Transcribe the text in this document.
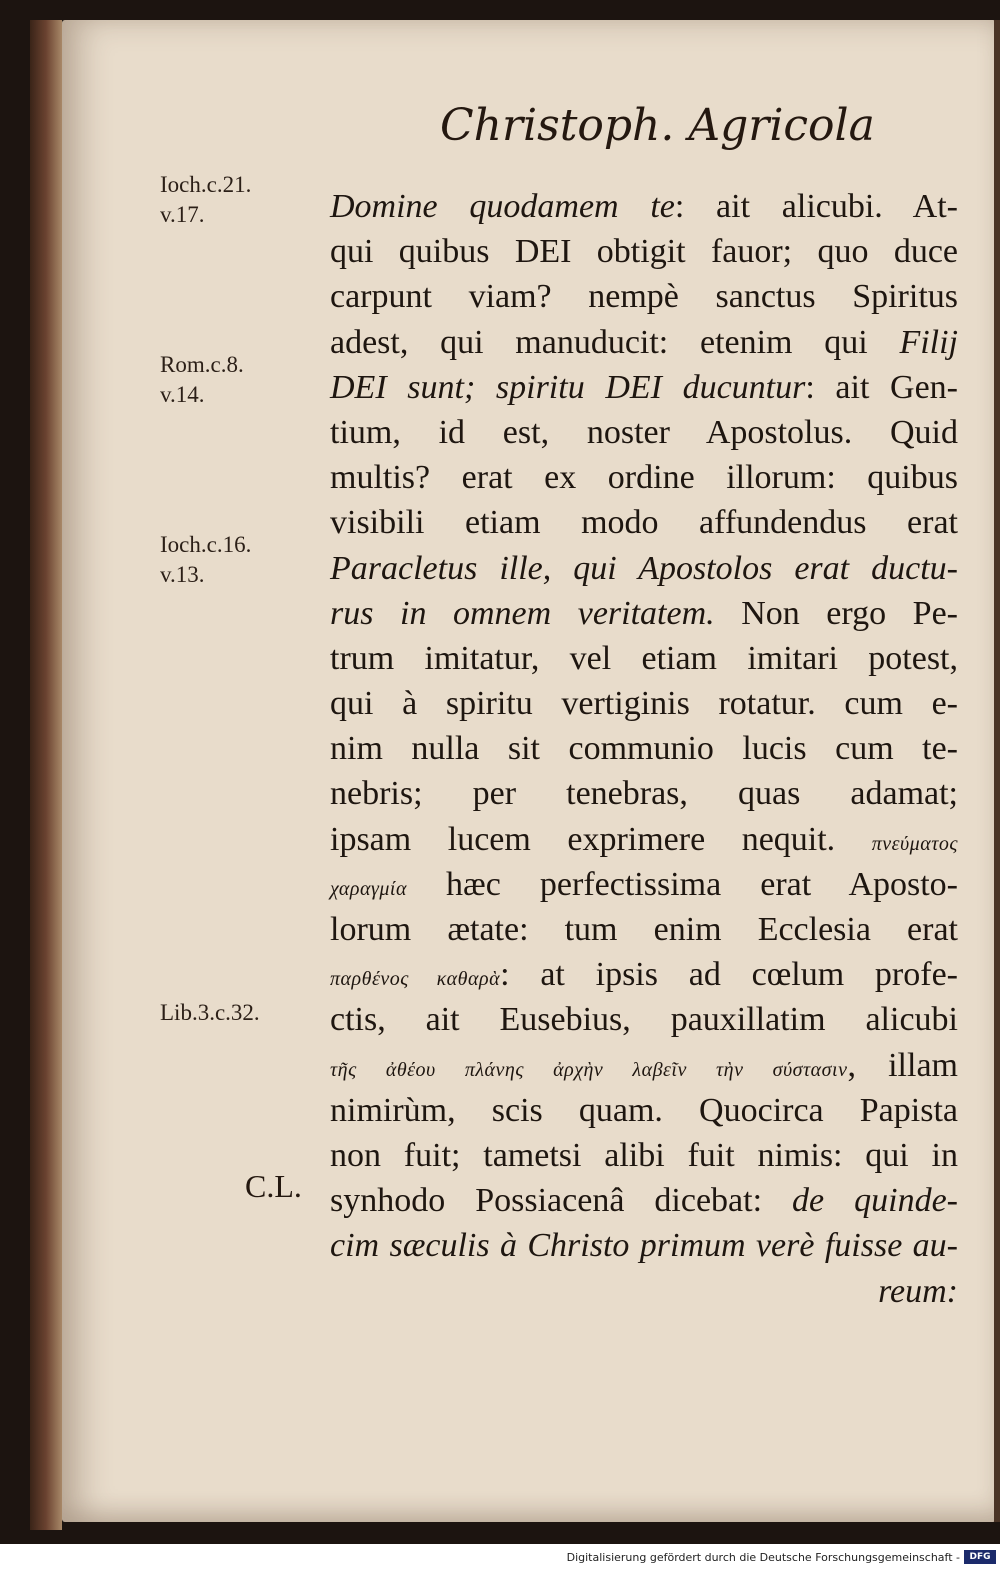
Christoph. Agricola
Ioch.c.21.
v.17.
Rom.c.8.
v.14.
Ioch.c.16.
v.13.
Lib.3.c.32.
C.L.
Domine quodamem te: ait alicubi. At-
qui quibus DEI obtigit fauor; quo duce
carpunt viam? nempè sanctus Spiritus
adest, qui manuducit: etenim qui Filij
DEI sunt; spiritu DEI ducuntur: ait Gen-
tium, id est, noster Apostolus. Quid
multis? erat ex ordine illorum: quibus
visibili etiam modo affundendus erat
Paracletus ille, qui Apostolos erat ductu-
rus in omnem veritatem. Non ergo Pe-
trum imitatur, vel etiam imitari potest,
qui à spiritu vertiginis rotatur. cum e-
nim nulla sit communio lucis cum te-
nebris; per tenebras, quas adamat;
ipsam lucem exprimere nequit. πνεύματος
χαραγμία hæc perfectissima erat Aposto-
lorum ætate: tum enim Ecclesia erat
παρθένος καθαρὰ: at ipsis ad cœlum profe-
ctis, ait Eusebius, pauxillatim alicubi
τῆς ἀθέου πλάνης ἀρχὴν λαβεῖν τὴν σύστασιν, illam
nimirùm, scis quam. Quocirca Papista
non fuit; tametsi alibi fuit nimis: qui in
synhodo Possiacenâ dicebat: de quinde-
cim sæculis à Christo primum verè fuisse au-
reum:
Digitalisierung gefördert durch die Deutsche Forschungsgemeinschaft -	DFG
